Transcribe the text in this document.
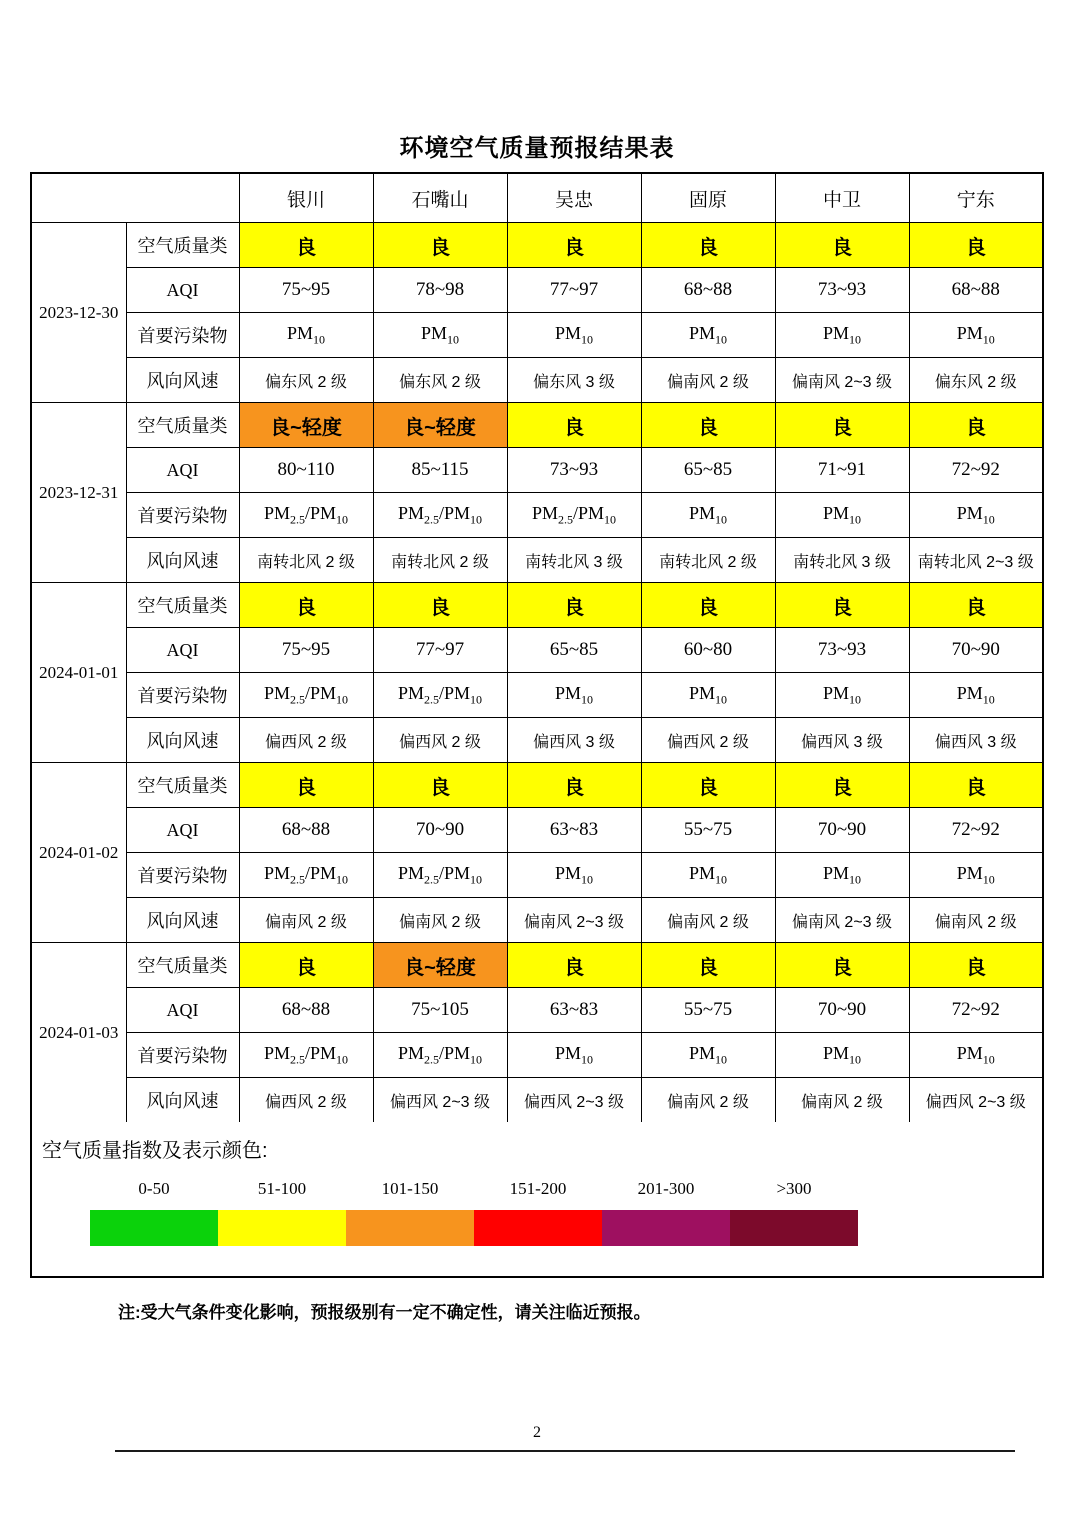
环境空气质量预报结果表
		银川	石嘴山	吴忠	固原	中卫	宁东
2023-12-30	空气质量类	良	良	良	良	良	良
	AQI	75~95	78~98	77~97	68~88	73~93	68~88
	首要污染物	$PM_{10}$	$PM_{10}$	$PM_{10}$	$PM_{10}$	$PM_{10}$	$PM_{10}$
	风向风速	偏东风 2 级	偏东风 2 级	偏东风 3 级	偏南风 2 级	偏南风 2~3 级	偏东风 2 级
2023-12-31	空气质量类	良~轻度	良~轻度	良	良	良	良
	AQI	80~110	85~115	73~93	65~85	71~91	72~92
	首要污染物	$PM_{2.5}/PM_{10}$	$PM_{2.5}/PM_{10}$	$PM_{2.5}/PM_{10}$	$PM_{10}$	$PM_{10}$	$PM_{10}$
	风向风速	南转北风 2 级	南转北风 2 级	南转北风 3 级	南转北风 2 级	南转北风 3 级	南转北风 2~3 级
2024-01-01	空气质量类	良	良	良	良	良	良
	AQI	75~95	77~97	65~85	60~80	73~93	70~90
	首要污染物	$PM_{2.5}/PM_{10}$	$PM_{2.5}/PM_{10}$	$PM_{10}$	$PM_{10}$	$PM_{10}$	$PM_{10}$
	风向风速	偏西风 2 级	偏西风 2 级	偏西风 3 级	偏西风 2 级	偏西风 3 级	偏西风 3 级
2024-01-02	空气质量类	良	良	良	良	良	良
	AQI	68~88	70~90	63~83	55~75	70~90	72~92
	首要污染物	$PM_{2.5}/PM_{10}$	$PM_{2.5}/PM_{10}$	$PM_{10}$	$PM_{10}$	$PM_{10}$	$PM_{10}$
	风向风速	偏南风 2 级	偏南风 2 级	偏南风 2~3 级	偏南风 2 级	偏南风 2~3 级	偏南风 2 级
2024-01-03	空气质量类	良	良~轻度	良	良	良	良
	AQI	68~88	75~105	63~83	55~75	70~90	72~92
	首要污染物	$PM_{2.5}/PM_{10}$	$PM_{2.5}/PM_{10}$	$PM_{10}$	$PM_{10}$	$PM_{10}$	$PM_{10}$
	风向风速	偏西风 2 级	偏西风 2~3 级	偏西风 2~3 级	偏南风 2 级	偏南风 2 级	偏西风 2~3 级
空气质量指数及表示颜色:
0-50	51-100	101-150	151-200	201-300	>300
注:受大气条件变化影响，预报级别有一定不确定性，请关注临近预报。
2
